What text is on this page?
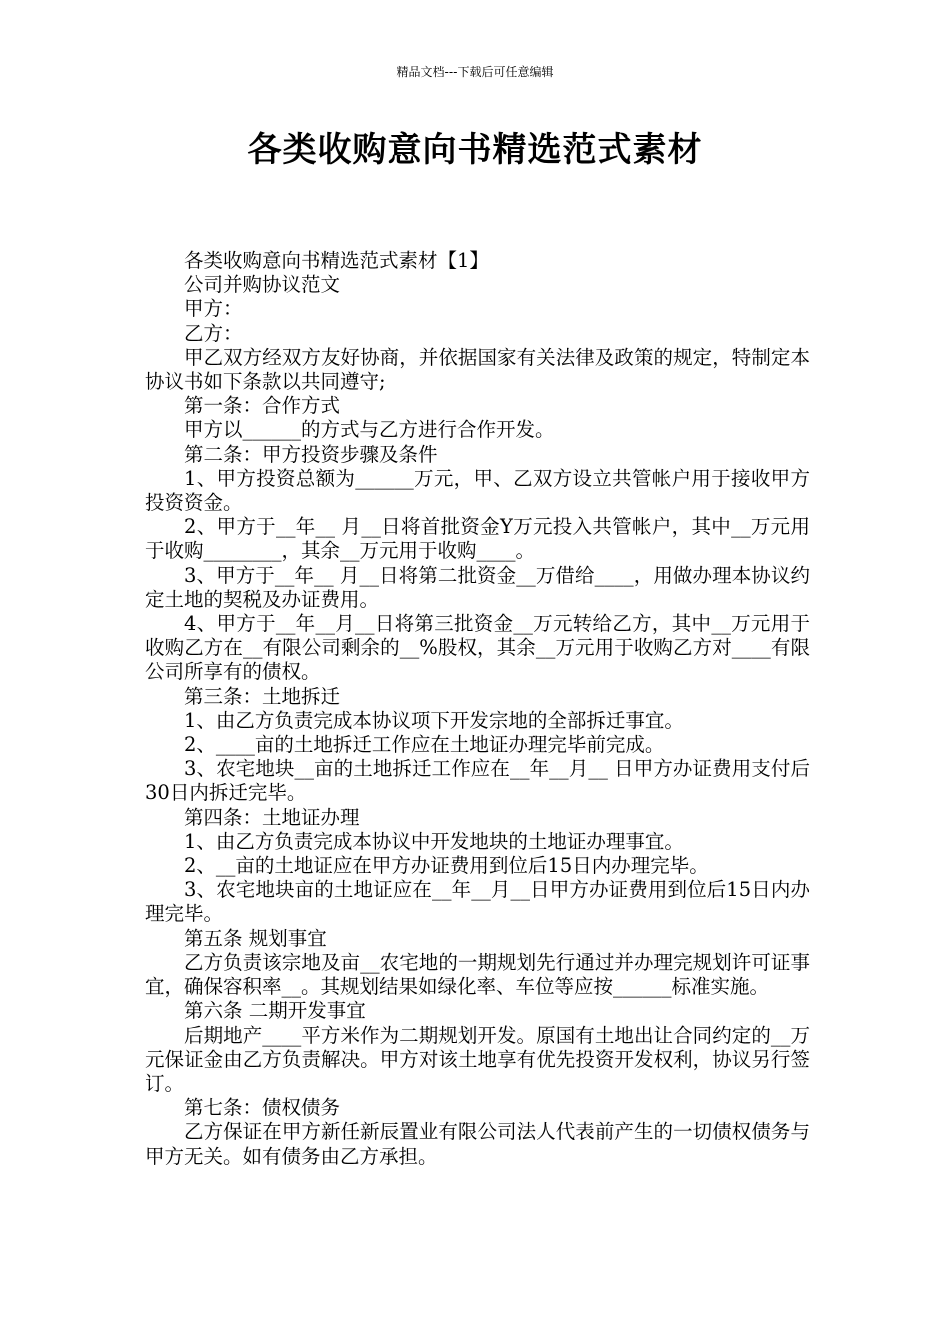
精品文档---下载后可任意编辑
各类收购意向书精选范式素材

各类收购意向书精选范式素材【1】

公司并购协议范文

甲方：

乙方：

甲乙双方经双方友好协商，并依据国家有关法律及政策的规定，特制定本协议书如下条款以共同遵守;

第一条：合作方式

甲方以______的方式与乙方进行合作开发。

第二条：甲方投资步骤及条件

1、甲方投资总额为______万元，甲、乙双方设立共管帐户用于接收甲方投资资金。

2、甲方于__年__ 月__日将首批资金Y万元投入共管帐户，其中__万元用于收购________，其余__万元用于收购____。

3、甲方于__年__ 月__日将第二批资金__万借给____，用做办理本协议约定土地的契税及办证费用。

4、甲方于__年__月__日将第三批资金__万元转给乙方，其中__万元用于收购乙方在__有限公司剩余的__%股权，其余__万元用于收购乙方对____有限公司所享有的债权。

第三条：土地拆迁

1、由乙方负责完成本协议项下开发宗地的全部拆迁事宜。

2、____亩的土地拆迁工作应在土地证办理完毕前完成。

3、农宅地块__亩的土地拆迁工作应在__年__月__ 日甲方办证费用支付后30日内拆迁完毕。

第四条：土地证办理

1、由乙方负责完成本协议中开发地块的土地证办理事宜。

2、__亩的土地证应在甲方办证费用到位后15日内办理完毕。

3、农宅地块亩的土地证应在__年__月__日甲方办证费用到位后15日内办理完毕。

第五条 规划事宜

乙方负责该宗地及亩__农宅地的一期规划先行通过并办理完规划许可证事宜，确保容积率__。其规划结果如绿化率、车位等应按______标准实施。

第六条 二期开发事宜

后期地产____平方米作为二期规划开发。原国有土地出让合同约定的__万元保证金由乙方负责解决。甲方对该土地享有优先投资开发权利，协议另行签订。

第七条：债权债务

乙方保证在甲方新任新辰置业有限公司法人代表前产生的一切债权债务与甲方无关。如有债务由乙方承担。
